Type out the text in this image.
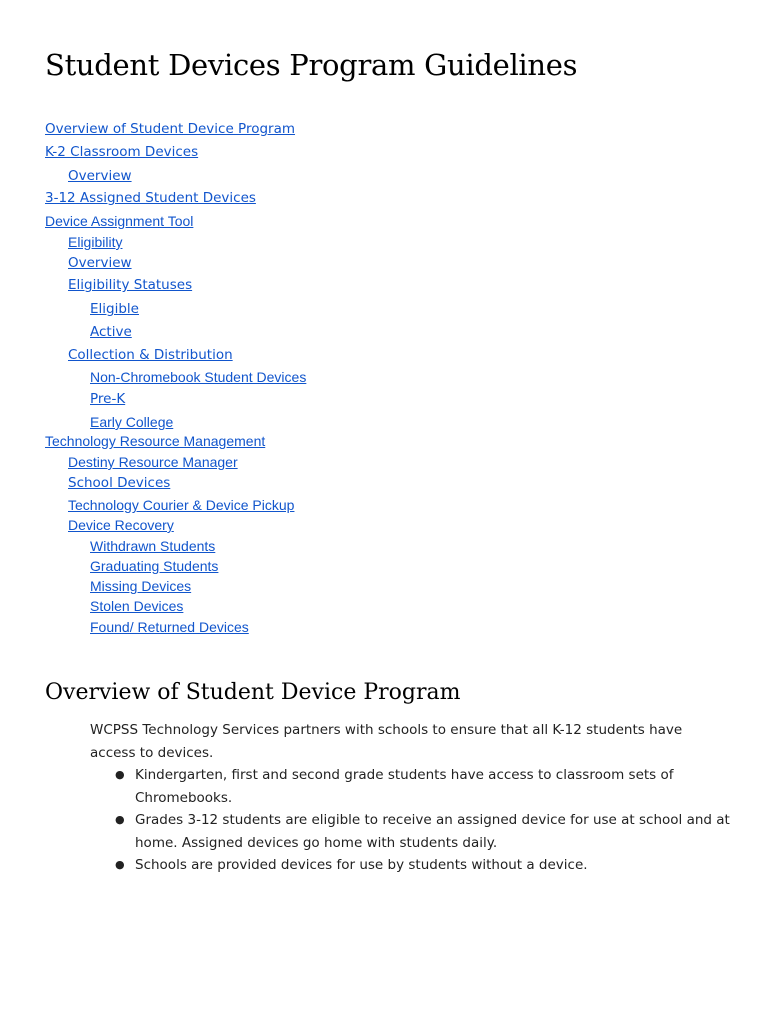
Student Devices Program Guidelines
Overview of Student Device Program
K-2 Classroom Devices
Overview
3-12 Assigned Student Devices
Device Assignment Tool
Eligibility
Overview
Eligibility Statuses
Eligible
Active
Collection & Distribution
Non-Chromebook Student Devices
Pre-K
Early College
Technology Resource Management
Destiny Resource Manager
School Devices
Technology Courier & Device Pickup
Device Recovery
Withdrawn Students
Graduating Students
Missing Devices
Stolen Devices
Found/ Returned Devices
Overview of Student Device Program

WCPSS Technology Services partners with schools to ensure that all K-12 students have access to devices.

● Kindergarten, first and second grade students have access to classroom sets of Chromebooks.
● Grades 3-12 students are eligible to receive an assigned device for use at school and at home. Assigned devices go home with students daily.
● Schools are provided devices for use by students without a device.
